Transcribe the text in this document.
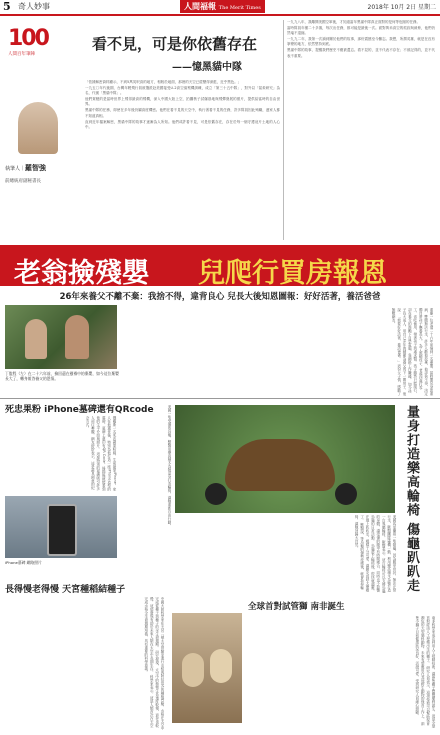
5 奇人妙事	人間福報 The Merit Times	2018年 10月 2日 星期二
100
人間百年筆陣
看不見，可是你依舊存在
——憶黑貓中隊
執筆人｜羅智強
前總統府副秘書長

「依據解密資料顯示，不到5萬英呎高的地方，相較於地面，那裡的天空已經變得深藍，近乎黑色。」

一九五〇年代後期，台灣年輕飛行員被選派赴美國接受U-2高空偵察機訓練，成立「第三十五中隊」，對外以「氣象研究」為名，代號「黑貓中隊」。

他們駕駛的是當時世界上飛得最高的飛機，深入中國大陸上空，拍攝核子試爆基地與飛彈發展的照片，提供給當時的自由世界。

黑貓中隊的任務，即使在多年後仍屬高度機密。他們在看不見的天空中，執行著看不見的任務，許多隊員因此殉職，連家人都不知道真相。

直到近年檔案解密，黑貓中隊的故事才逐漸為人所知。他們或許看不見，可是依舊存在，存在於每一個守護這片土地的人心中。

一九九八年，我離開美國空軍後，才知道當年黑貓中隊真正面對的是何等危險的任務。

當時隊員年僅二十多歲，每次出任務，都可能是最後一次。面對萬米高空的孤寂與威脅，他們仍然毫不退縮。

一九九二年，我第一次讀到關於他們的故事，那份震撼至今難忘。我想，所謂英雄，就是在沒有掌聲的地方，依然堅持到底。

黑貓中隊的故事，提醒我們歷史不應被遺忘。看不見的，並不代表不存在；不被記得的，並不代表不重要。

老翁撿殘嬰 兒爬行買房報恩
26年來養父不離不棄：我捨不得，違背良心 兒長大後知恩圖報：好好活著，養活爸爸
丁俊程（左）在二十六年前，撿回還在襁褓中的棄嬰，如今這位棄嬰長大了，轉身報答養父的恩情。	重慶一位老翁二十六年前撿到一名棄嬰，當時嬰兒身患重病，雙腿無法行走，許多人勸他放棄，他卻捨不得，決定獨自將孩子撫養長大。 為了照顧孩子，老翁四處打零工，省吃儉用，帶著孩子到處求醫。孩子雖然只能爬行，卻在養父的鼓勵下自學電腦，靠網路工作賺錢。 如今孩子長大成人，用自己多年的積蓄為養父買下一間房子，他說：「我要好好活著，養活爸爸。」這份父子情，感動了無數網友。
死忠果粉 iPhone墓碑還有QRcode
俄羅斯一名死忠蘋果粉絲，生前最愛iPhone，家人在他過世後，特別為他打造一座iPhone造型的墓碑，墓碑上還印有QR Code，掃描後就能看到他的生平介紹與照片。 這座特別的墓碑吸引許多人前往參觀，網友紛紛表示，這是最具創意的紀念方式。
iPhone墓碑 網路照片	量身打造樂高輪椅 傷龜趴趴走
美國一隻受傷的烏龜，獸醫用樂高積木為牠量身打造輪椅，讓牠重新自由行動。
美國馬里蘭州一隻箱龜，因為腹甲骨折，無法正常行走，獸醫團隊靈機一動，利用樂高積木為牠打造一台專屬輪椅。 獸醫表示，這台輪椅可以支撐烏龜的身體，讓受傷的腹甲有時間癒合，同時也不影響烏龜的日常活動。 烏龜裝上輪椅後，很快就適應，在地上趴趴走，模樣十分可愛，讓網友直呼太療癒了。 獸醫說，等烏龜的傷勢痊癒後，就會拆掉輪椅，讓牠回歸大自然。
長得慢老得慢 天宮種稻結種子
中國大陸科學家在天宮二號太空實驗室進行水稻與阿拉伯芥的種植實驗，水稻在太空中完成從種子到種子的全生命週期。 研究發現，太空中的植物生長速度較慢，衰老也較慢，這項發現有助於未來人類在太空中長期生存。 科學家表示，這是人類首次在太空完成水稻全生命週期培養，具有重要的科學意義。	全球首對試管獅 南非誕生
南非科學家成功利用人工授精技術，讓兩隻獅子寶寶順利誕生，這是全球首對經由人工授精出生的獅子。 研究人員表示，這項技術可以幫助保育瀕危的大型貓科動物，未來有望應用在其他野生動物的保育工作上。 兩隻小獅子目前健康狀況良好，活潑可愛，受到研究人員細心照顧。
